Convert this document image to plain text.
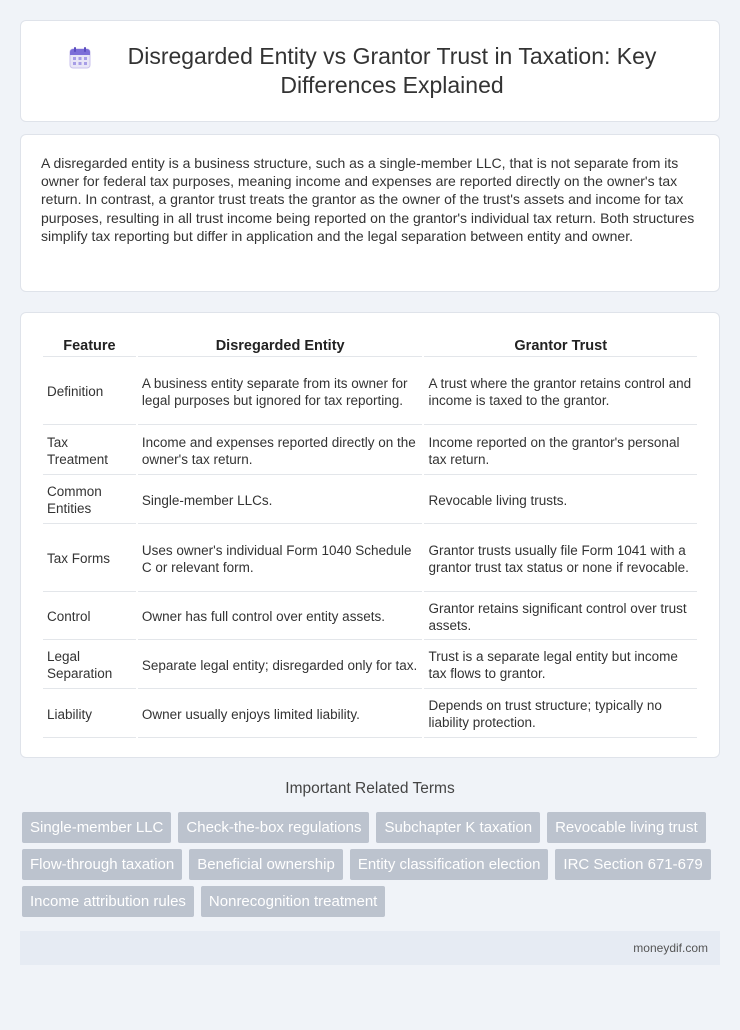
Disregarded Entity vs Grantor Trust in Taxation: Key Differences Explained

A disregarded entity is a business structure, such as a single-member LLC, that is not separate from its owner for federal tax purposes, meaning income and expenses are reported directly on the owner's tax return. In contrast, a grantor trust treats the grantor as the owner of the trust's assets and income for tax purposes, resulting in all trust income being reported on the grantor's individual tax return. Both structures simplify tax reporting but differ in application and the legal separation between entity and owner.

Feature	Disregarded Entity	Grantor Trust
Definition	A business entity separate from its owner for legal purposes but ignored for tax reporting.	A trust where the grantor retains control and income is taxed to the grantor.
Tax Treatment	Income and expenses reported directly on the owner's tax return.	Income reported on the grantor's personal tax return.
Common Entities	Single-member LLCs.	Revocable living trusts.
Tax Forms	Uses owner's individual Form 1040 Schedule C or relevant form.	Grantor trusts usually file Form 1041 with a grantor trust tax status or none if revocable.
Control	Owner has full control over entity assets.	Grantor retains significant control over trust assets.
Legal Separation	Separate legal entity; disregarded only for tax.	Trust is a separate legal entity but income tax flows to grantor.
Liability	Owner usually enjoys limited liability.	Depends on trust structure; typically no liability protection.
Important Related Terms
Single-member LLC	Check-the-box regulations	Subchapter K taxation	Revocable living trust
Flow-through taxation	Beneficial ownership	Entity classification election	IRC Section 671-679
Income attribution rules	Nonrecognition treatment
moneydif.com
